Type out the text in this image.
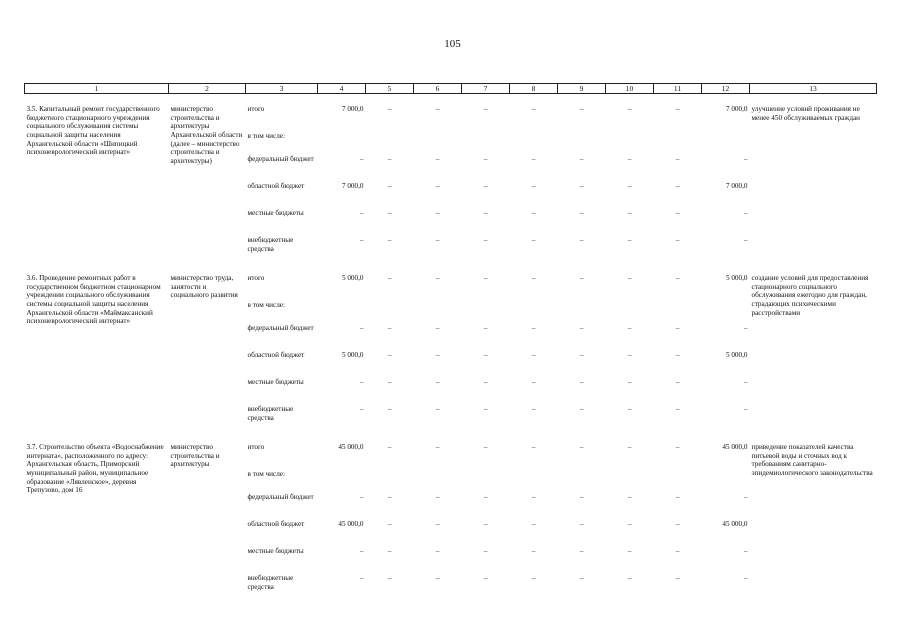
105
1	2	3	4	5	6	7	8	9	10	11	12	13

3.5. Капитальный ремонт государственного бюджетного стационарного учреждения социального обслуживания системы социальной защиты населения Архангельской области «Шипицкий психоневрологический интернат»	министерство строительства и архитектуры Архангельской области (далее – министерство строительства и архитектуры)	итого	7 000,0	–	–	–	–	–	–	–	7 000,0	улучшение условий проживания не менее 450 обслуживаемых граждан
		в том числе:										
		федеральный бюджет	–	–	–	–	–	–	–	–	–	
		областной бюджет	7 000,0	–	–	–	–	–	–	–	7 000,0	
		местные бюджеты	–	–	–	–	–	–	–	–	–	
		внебюджетные средства	–	–	–	–	–	–	–	–	–	

3.6. Проведение ремонтных работ в государственном бюджетном стационарном учреждении социального обслуживания системы социальной защиты населения Архангельской области «Маймаксанский психоневрологический интернат»	министерство труда, занятости и социального развития	итого	5 000,0	–	–	–	–	–	–	–	5 000,0	создание условий для предоставления стационарного социального обслуживания ежегодно для граждан, страдающих психическими расстройствами
		в том числе:										
		федеральный бюджет	–	–	–	–	–	–	–	–	–	
		областной бюджет	5 000,0	–	–	–	–	–	–	–	5 000,0	
		местные бюджеты	–	–	–	–	–	–	–	–	–	
		внебюджетные средства	–	–	–	–	–	–	–	–	–	

3.7. Строительство объекта «Водоснабжение интерната», расположенного по адресу: Архангельская область, Приморский муниципальный район, муниципальное образование «Лявленское», деревня Трепузово, дом 16	министерство строительства и архитектуры	итого	45 000,0	–	–	–	–	–	–	–	45 000,0	приведение показателей качества питьевой воды и сточных вод к требованиям санитарно-эпидемиологического законодательства
		в том числе:										
		федеральный бюджет	–	–	–	–	–	–	–	–	–	
		областной бюджет	45 000,0	–	–	–	–	–	–	–	45 000,0	
		местные бюджеты	–	–	–	–	–	–	–	–	–	
		внебюджетные средства	–	–	–	–	–	–	–	–	–	
